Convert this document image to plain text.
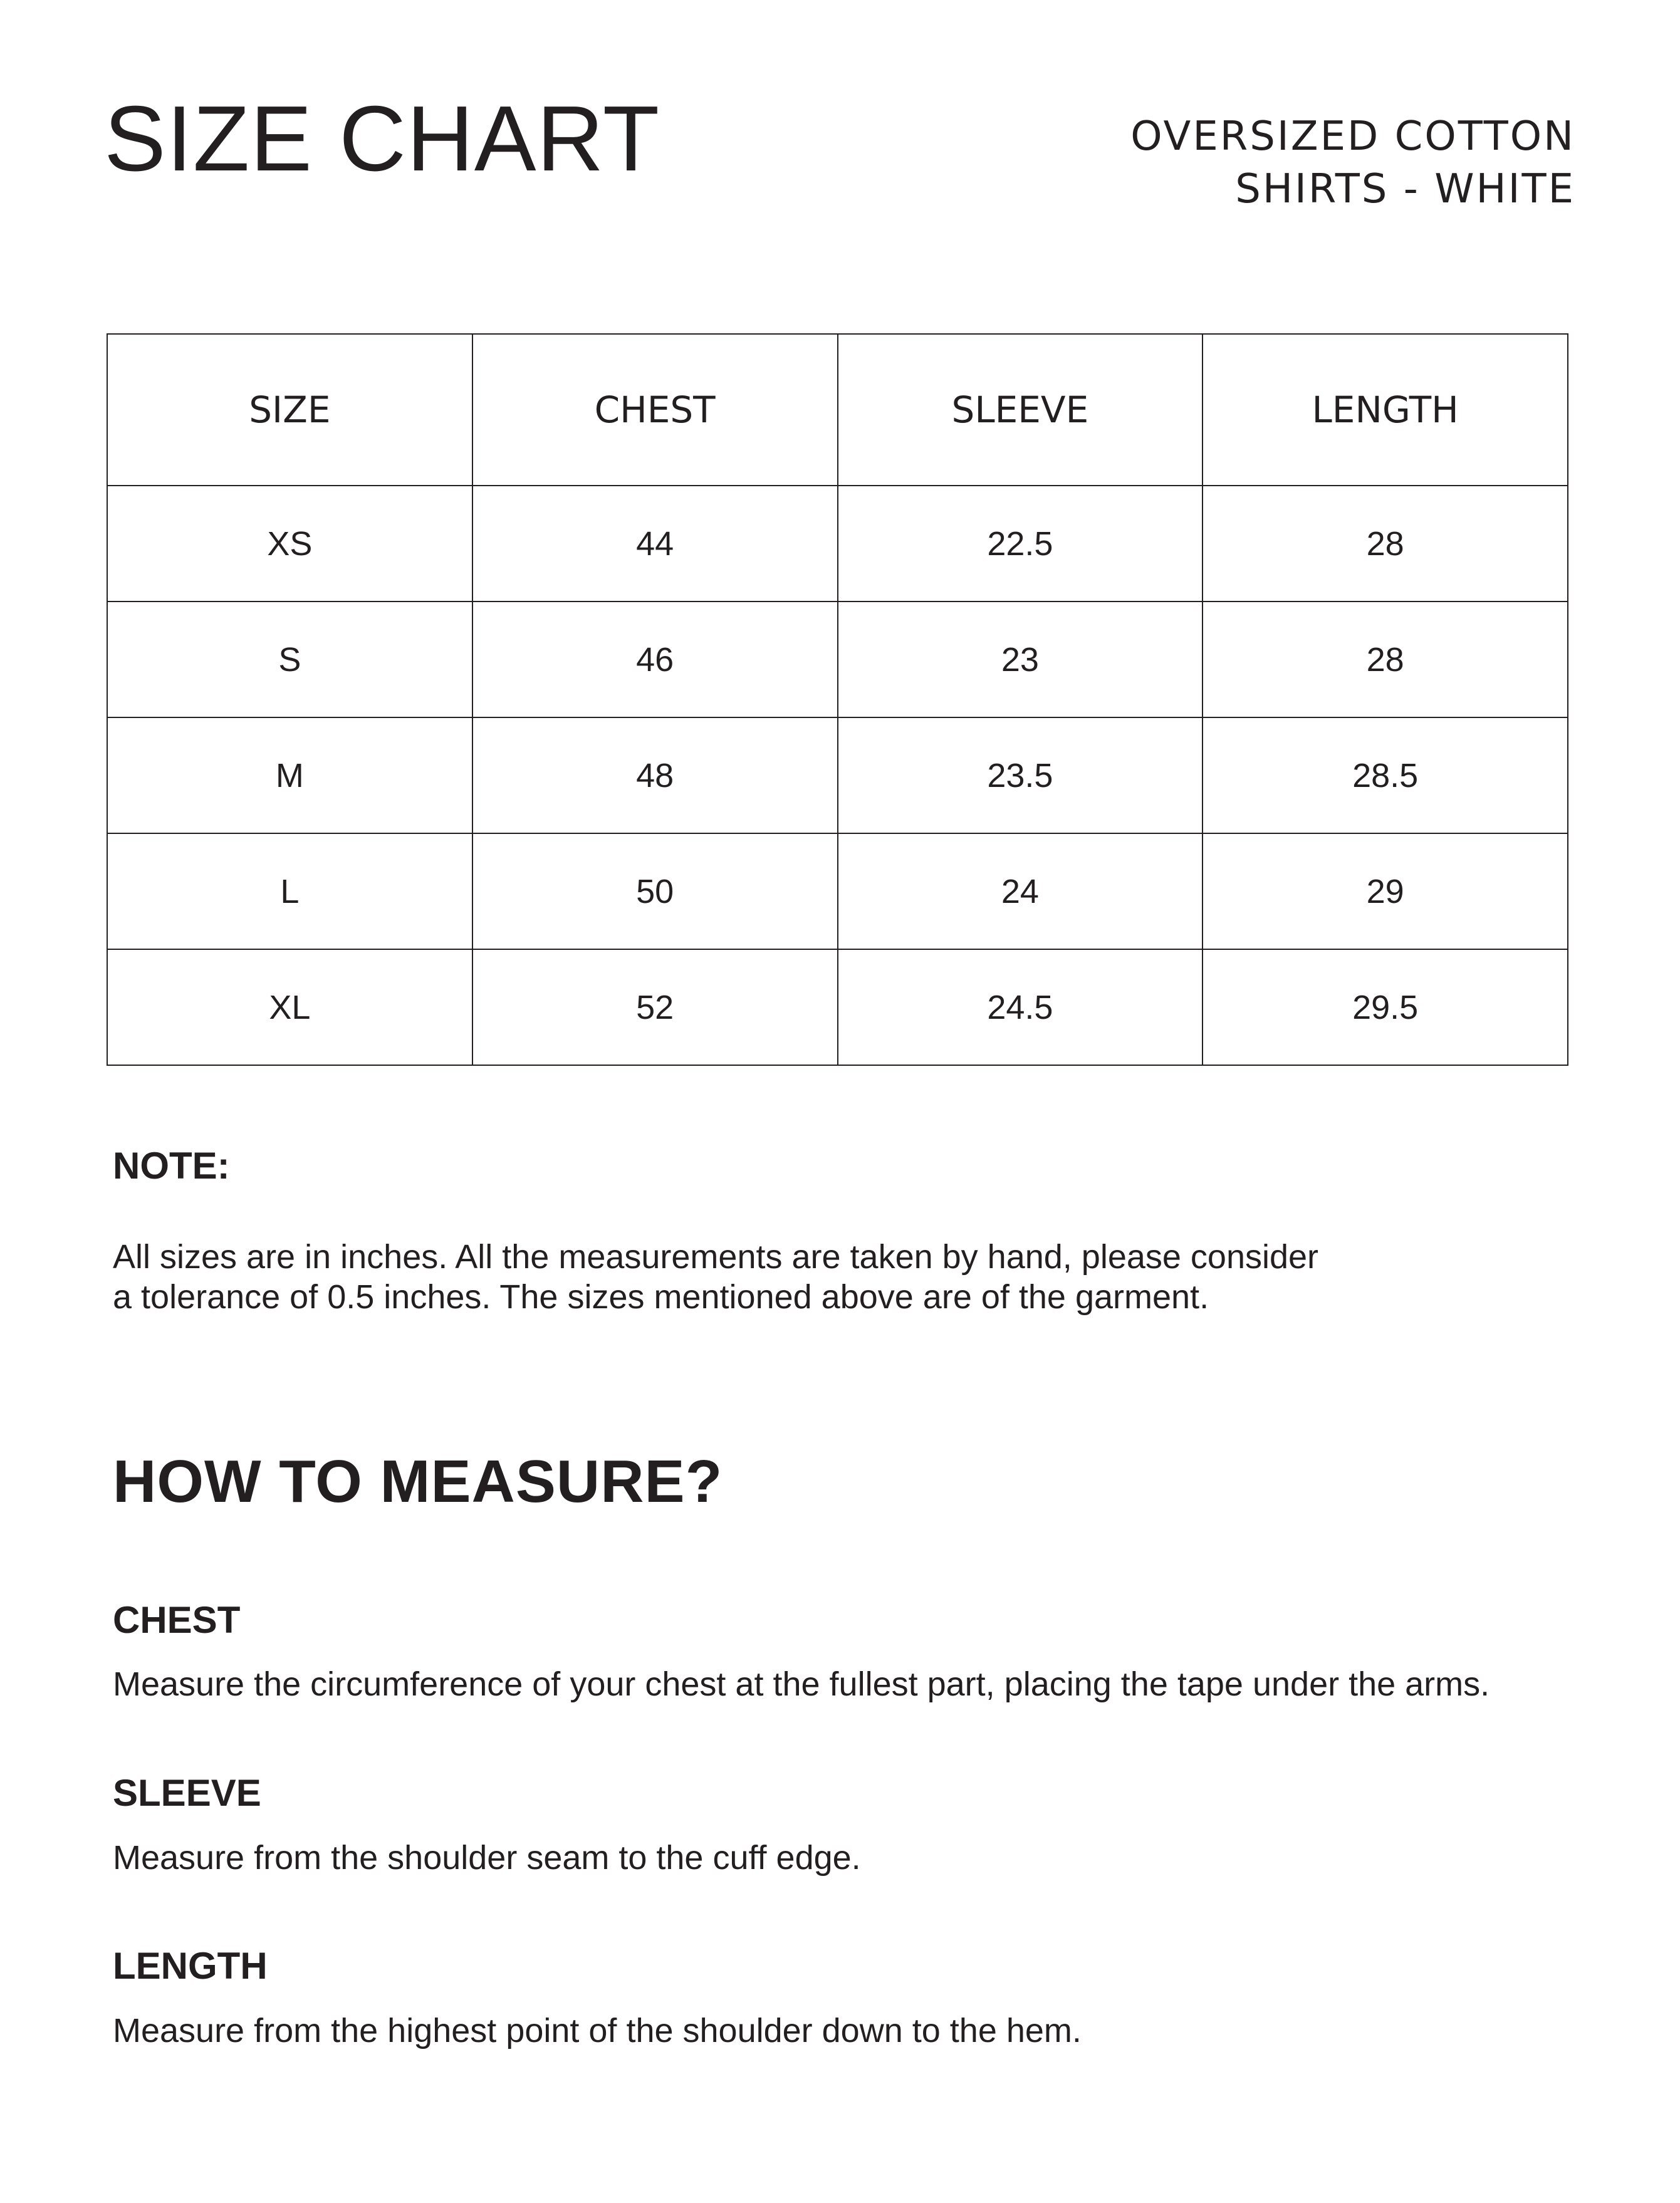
SIZE CHART	OVERSIZED COTTON
SHIRTS - WHITE
SIZE	CHEST	SLEEVE	LENGTH
XS	44	22.5	28
S	46	23	28
M	48	23.5	28.5
L	50	24	29
XL	52	24.5	29.5
NOTE:

All sizes are in inches. All the measurements are taken by hand, please consider
a tolerance of 0.5 inches. The sizes mentioned above are of the garment.

HOW TO MEASURE?
CHEST

Measure the circumference of your chest at the fullest part, placing the tape under the arms.

SLEEVE

Measure from the shoulder seam to the cuff edge.

LENGTH

Measure from the highest point of the shoulder down to the hem.
